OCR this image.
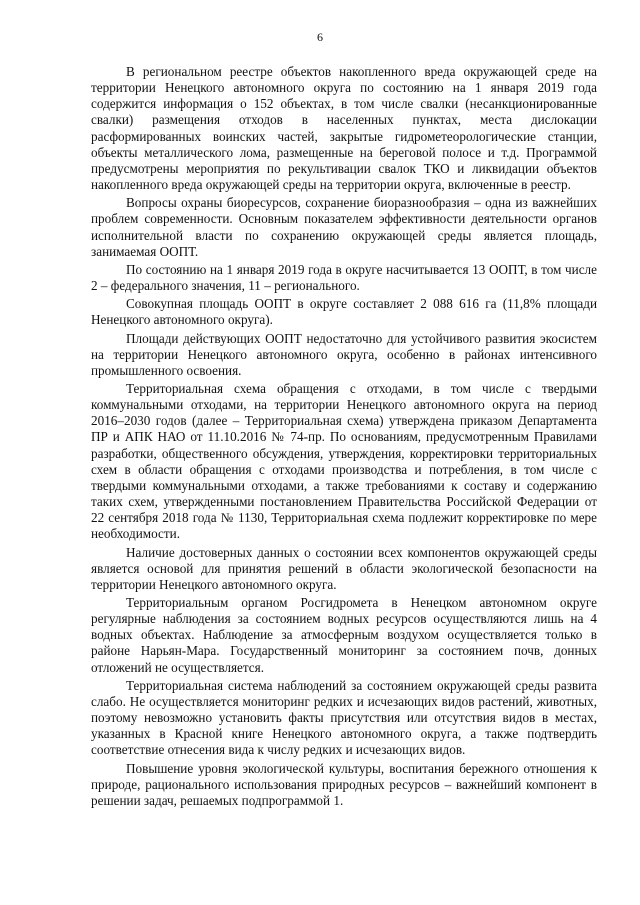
6

В региональном реестре объектов накопленного вреда окружающей среде на территории Ненецкого автономного округа по состоянию на 1 января 2019 года содержится информация о 152 объектах, в том числе свалки (несанкционированные свалки) размещения отходов в населенных пунктах, места дислокации расформированных воинских частей, закрытые гидрометеорологические станции, объекты металлического лома, размещенные на береговой полосе и т.д. Программой предусмотрены мероприятия по рекультивации свалок ТКО и ликвидации объектов накопленного вреда окружающей среды на территории округа, включенные в реестр.

Вопросы охраны биоресурсов, сохранение биоразнообразия – одна из важнейших проблем современности. Основным показателем эффективности деятельности органов исполнительной власти по сохранению окружающей среды является площадь, занимаемая ООПТ.

По состоянию на 1 января 2019 года в округе насчитывается 13 ООПТ, в том числе 2 – федерального значения, 11 – регионального.

Совокупная площадь ООПТ в округе составляет 2 088 616 га (11,8% площади Ненецкого автономного округа).

Площади действующих ООПТ недостаточно для устойчивого развития экосистем на территории Ненецкого автономного округа, особенно в районах интенсивного промышленного освоения.

Территориальная схема обращения с отходами, в том числе с твердыми коммунальными отходами, на территории Ненецкого автономного округа на период 2016–2030 годов (далее – Территориальная схема) утверждена приказом Департамента ПР и АПК НАО от 11.10.2016 № 74-пр. По основаниям, предусмотренным Правилами разработки, общественного обсуждения, утверждения, корректировки территориальных схем в области обращения с отходами производства и потребления, в том числе с твердыми коммунальными отходами, а также требованиями к составу и содержанию таких схем, утвержденными постановлением Правительства Российской Федерации от 22 сентября 2018 года № 1130, Территориальная схема подлежит корректировке по мере необходимости.

Наличие достоверных данных о состоянии всех компонентов окружающей среды является основой для принятия решений в области экологической безопасности на территории Ненецкого автономного округа.

Территориальным органом Росгидромета в Ненецком автономном округе регулярные наблюдения за состоянием водных ресурсов осуществляются лишь на 4 водных объектах. Наблюдение за атмосферным воздухом осуществляется только в районе Нарьян-Мара. Государственный мониторинг за состоянием почв, донных отложений не осуществляется.

Территориальная система наблюдений за состоянием окружающей среды развита слабо. Не осуществляется мониторинг редких и исчезающих видов растений, животных, поэтому невозможно установить факты присутствия или отсутствия видов в местах, указанных в Красной книге Ненецкого автономного округа, а также подтвердить соответствие отнесения вида к числу редких и исчезающих видов.

Повышение уровня экологической культуры, воспитания бережного отношения к природе, рационального использования природных ресурсов – важнейший компонент в решении задач, решаемых подпрограммой 1.
